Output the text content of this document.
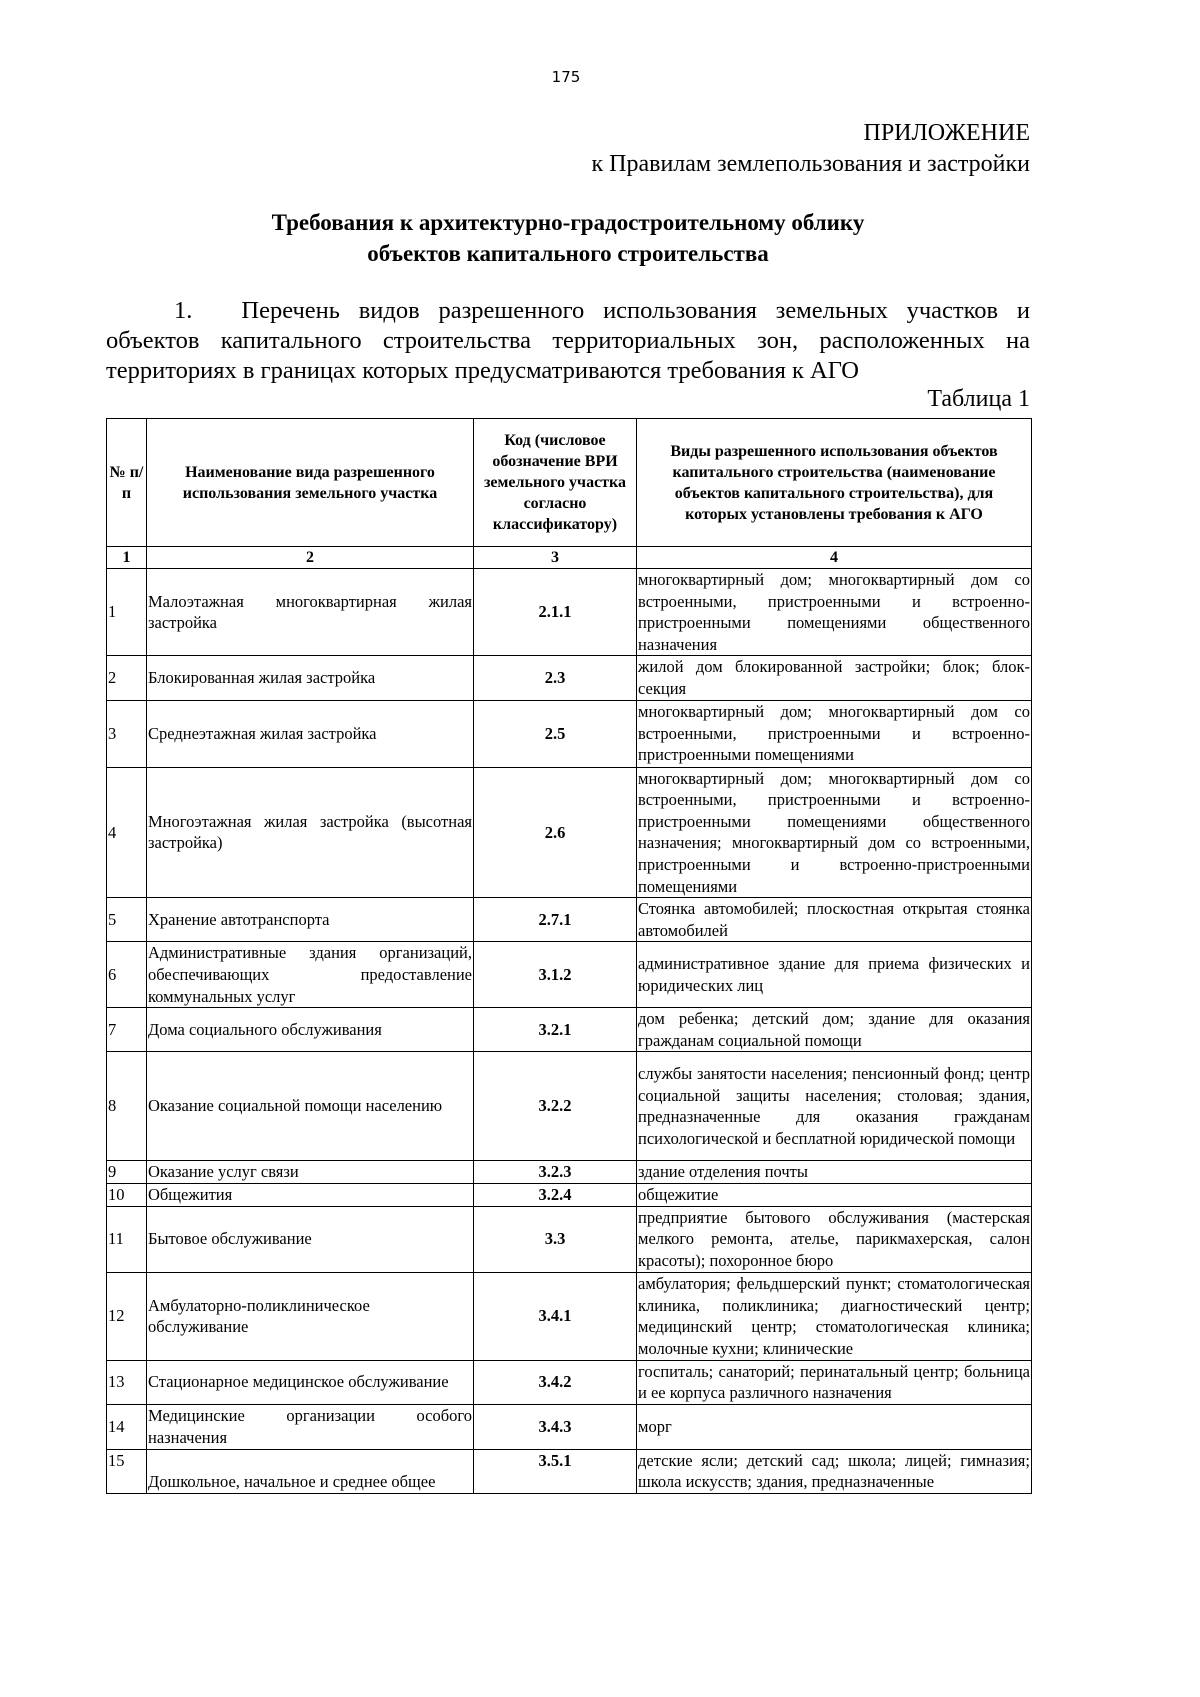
175
ПРИЛОЖЕНИЕ
к Правилам землепользования и застройки
Требования к архитектурно-градостроительному облику
объектов капитального строительства
1.  Перечень видов разрешенного использования земельных участков и объектов капитального строительства территориальных зон, расположенных на территориях в границах которых предусматриваются требования к АГО
Таблица 1
№ п/п	Наименование вида разрешенного использования земельного участка	Код (числовое обозначение ВРИ земельного участка согласно классификатору)	Виды разрешенного использования объектов капитального строительства (наименование объектов капитального строительства), для которых установлены требования к АГО
1	2	3	4
1	Малоэтажная многоквартирная жилая застройка	2.1.1	многоквартирный дом; многоквартирный дом со встроенными, пристроенными и встроенно-пристроенными помещениями общественного назначения
2	Блокированная жилая застройка	2.3	жилой дом блокированной застройки; блок; блок-секция
3	Среднеэтажная жилая застройка	2.5	многоквартирный дом; многоквартирный дом со встроенными, пристроенными и встроенно-пристроенными помещениями
4	Многоэтажная жилая застройка (высотная застройка)	2.6	многоквартирный дом; многоквартирный дом со встроенными, пристроенными и встроенно-пристроенными помещениями общественного назначения; многоквартирный дом со встроенными, пристроенными и встроенно-пристроенными помещениями
5	Хранение автотранспорта	2.7.1	Стоянка автомобилей; плоскостная открытая стоянка автомобилей
6	Административные здания организаций, обеспечивающих предоставление коммунальных услуг	3.1.2	административное здание для приема физических и юридических лиц
7	Дома социального обслуживания	3.2.1	дом ребенка; детский дом; здание для оказания гражданам социальной помощи
8	Оказание социальной помощи населению	3.2.2	службы занятости населения; пенсионный фонд; центр социальной защиты населения; столовая; здания, предназначенные для оказания гражданам психологической и бесплатной юридической помощи
9	Оказание услуг связи	3.2.3	здание отделения почты
10	Общежития	3.2.4	общежитие
11	Бытовое обслуживание	3.3	предприятие бытового обслуживания (мастерская мелкого ремонта, ателье, парикмахерская, салон красоты); похоронное бюро
12	Амбулаторно-поликлиническое обслуживание	3.4.1	амбулатория; фельдшерский пункт; стоматологическая клиника, поликлиника; диагностический центр; медицинский центр; стоматологическая клиника; молочные кухни; клинические
13	Стационарное медицинское обслуживание	3.4.2	госпиталь; санаторий; перинатальный центр; больница и ее корпуса различного назначения
14	Медицинские организации особого назначения	3.4.3	морг
15	Дошкольное, начальное и среднее общее	3.5.1	детские ясли; детский сад; школа; лицей; гимназия; школа искусств; здания, предназначенные
